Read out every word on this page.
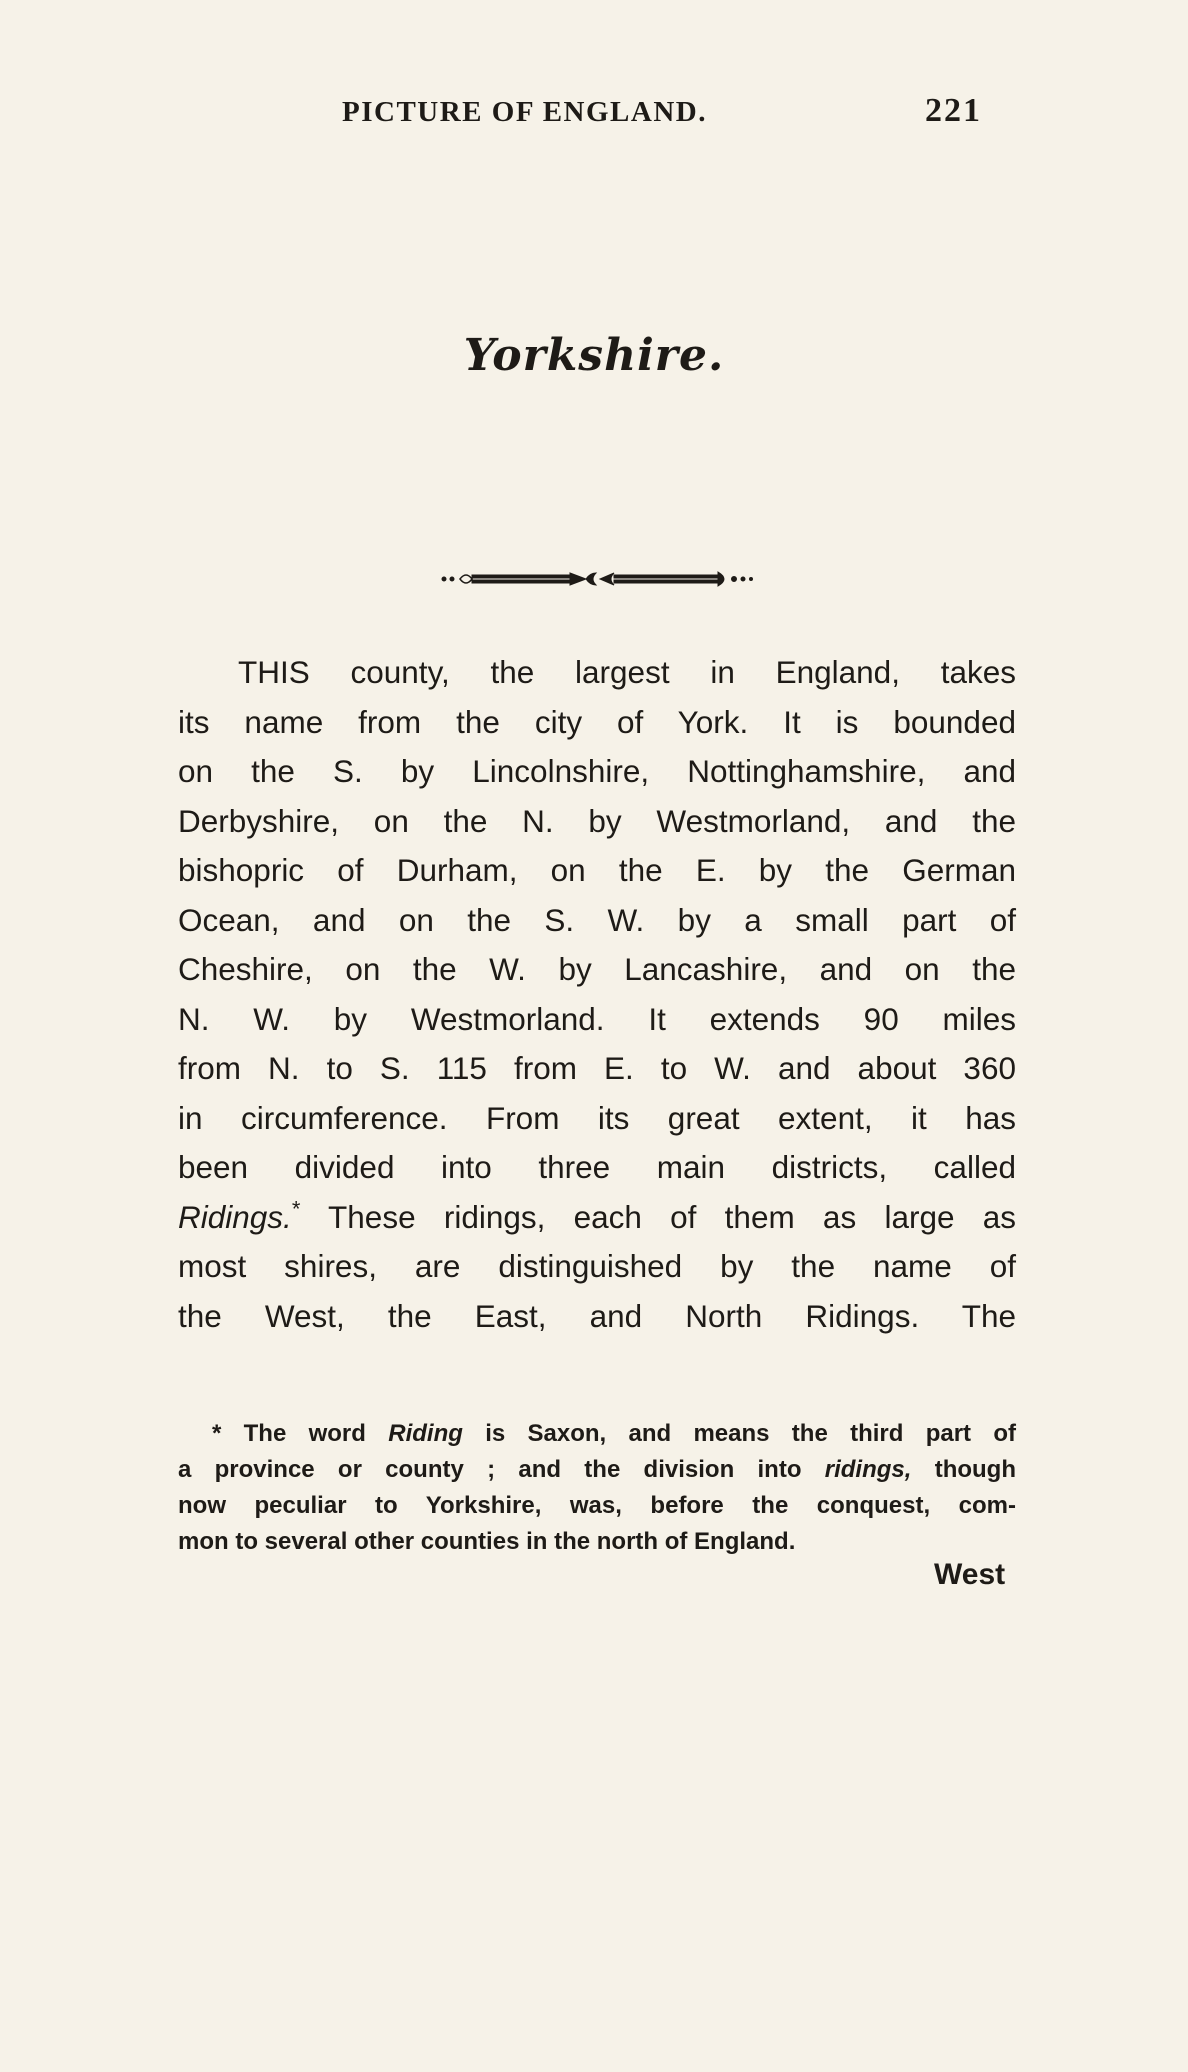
PICTURE OF ENGLAND.	221
Yorkshire.
THIS county, the largest in England, takes
its name from the city of York. It is bounded
on the S. by Lincolnshire, Nottinghamshire, and
Derbyshire, on the N. by Westmorland, and the
bishopric of Durham, on the E. by the German
Ocean, and on the S. W. by a small part of
Cheshire, on the W. by Lancashire, and on the
N. W. by Westmorland. It extends 90 miles
from N. to S. 115 from E. to W. and about 360
in circumference. From its great extent, it has
been divided into three main districts, called
Ridings.* These ridings, each of them as large as
most shires, are distinguished by the name of
the West, the East, and North Ridings. The
* The word Riding is Saxon, and means the third part of
a province or county ; and the division into ridings, though
now peculiar to Yorkshire, was, before the conquest, com-
mon to several other counties in the north of England.
West
